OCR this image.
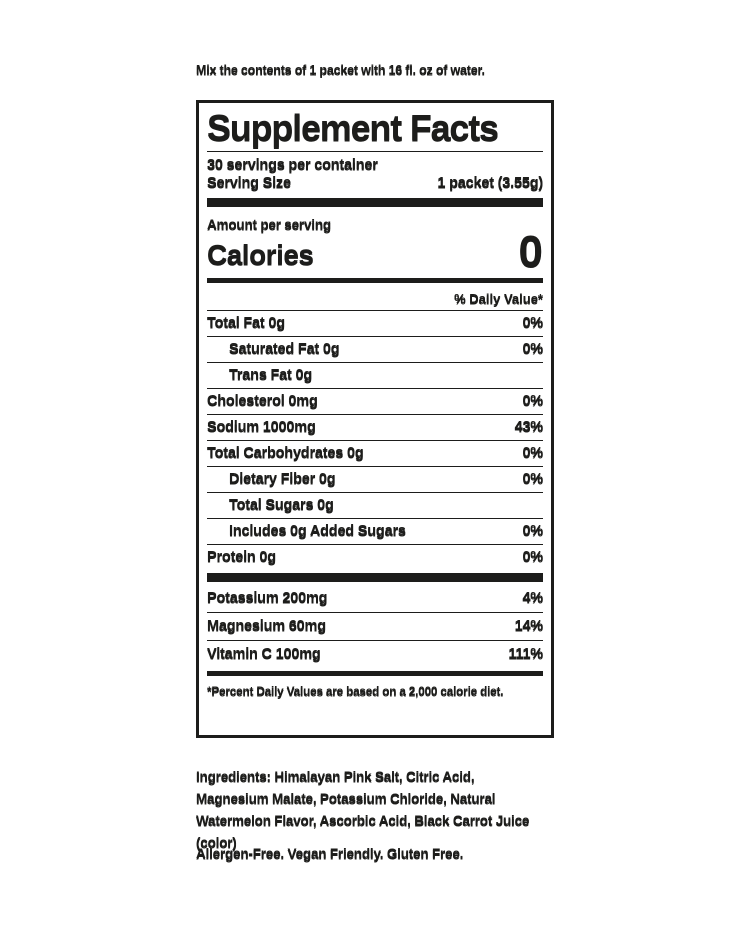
Mix the contents of 1 packet with 16 fl. oz of water.
Supplement Facts
30 servings per container
Serving Size	1 packet (3.55g)
Amount per serving
Calories	0
% Daily Value*
Total Fat 0g	0%
Saturated Fat 0g	0%
Trans Fat 0g
Cholesterol 0mg	0%
Sodium 1000mg	43%
Total Carbohydrates 0g	0%
Dietary Fiber 0g	0%
Total Sugars 0g
Includes 0g Added Sugars	0%
Protein 0g	0%
Potassium 200mg	4%
Magnesium 60mg	14%
Vitamin C 100mg	111%
*Percent Daily Values are based on a 2,000 calorie diet.
Ingredients: Himalayan Pink Salt, Citric Acid,
Magnesium Malate, Potassium Chloride, Natural
Watermelon Flavor, Ascorbic Acid, Black Carrot Juice
(color)
Allergen-Free. Vegan Friendly. Gluten Free.
